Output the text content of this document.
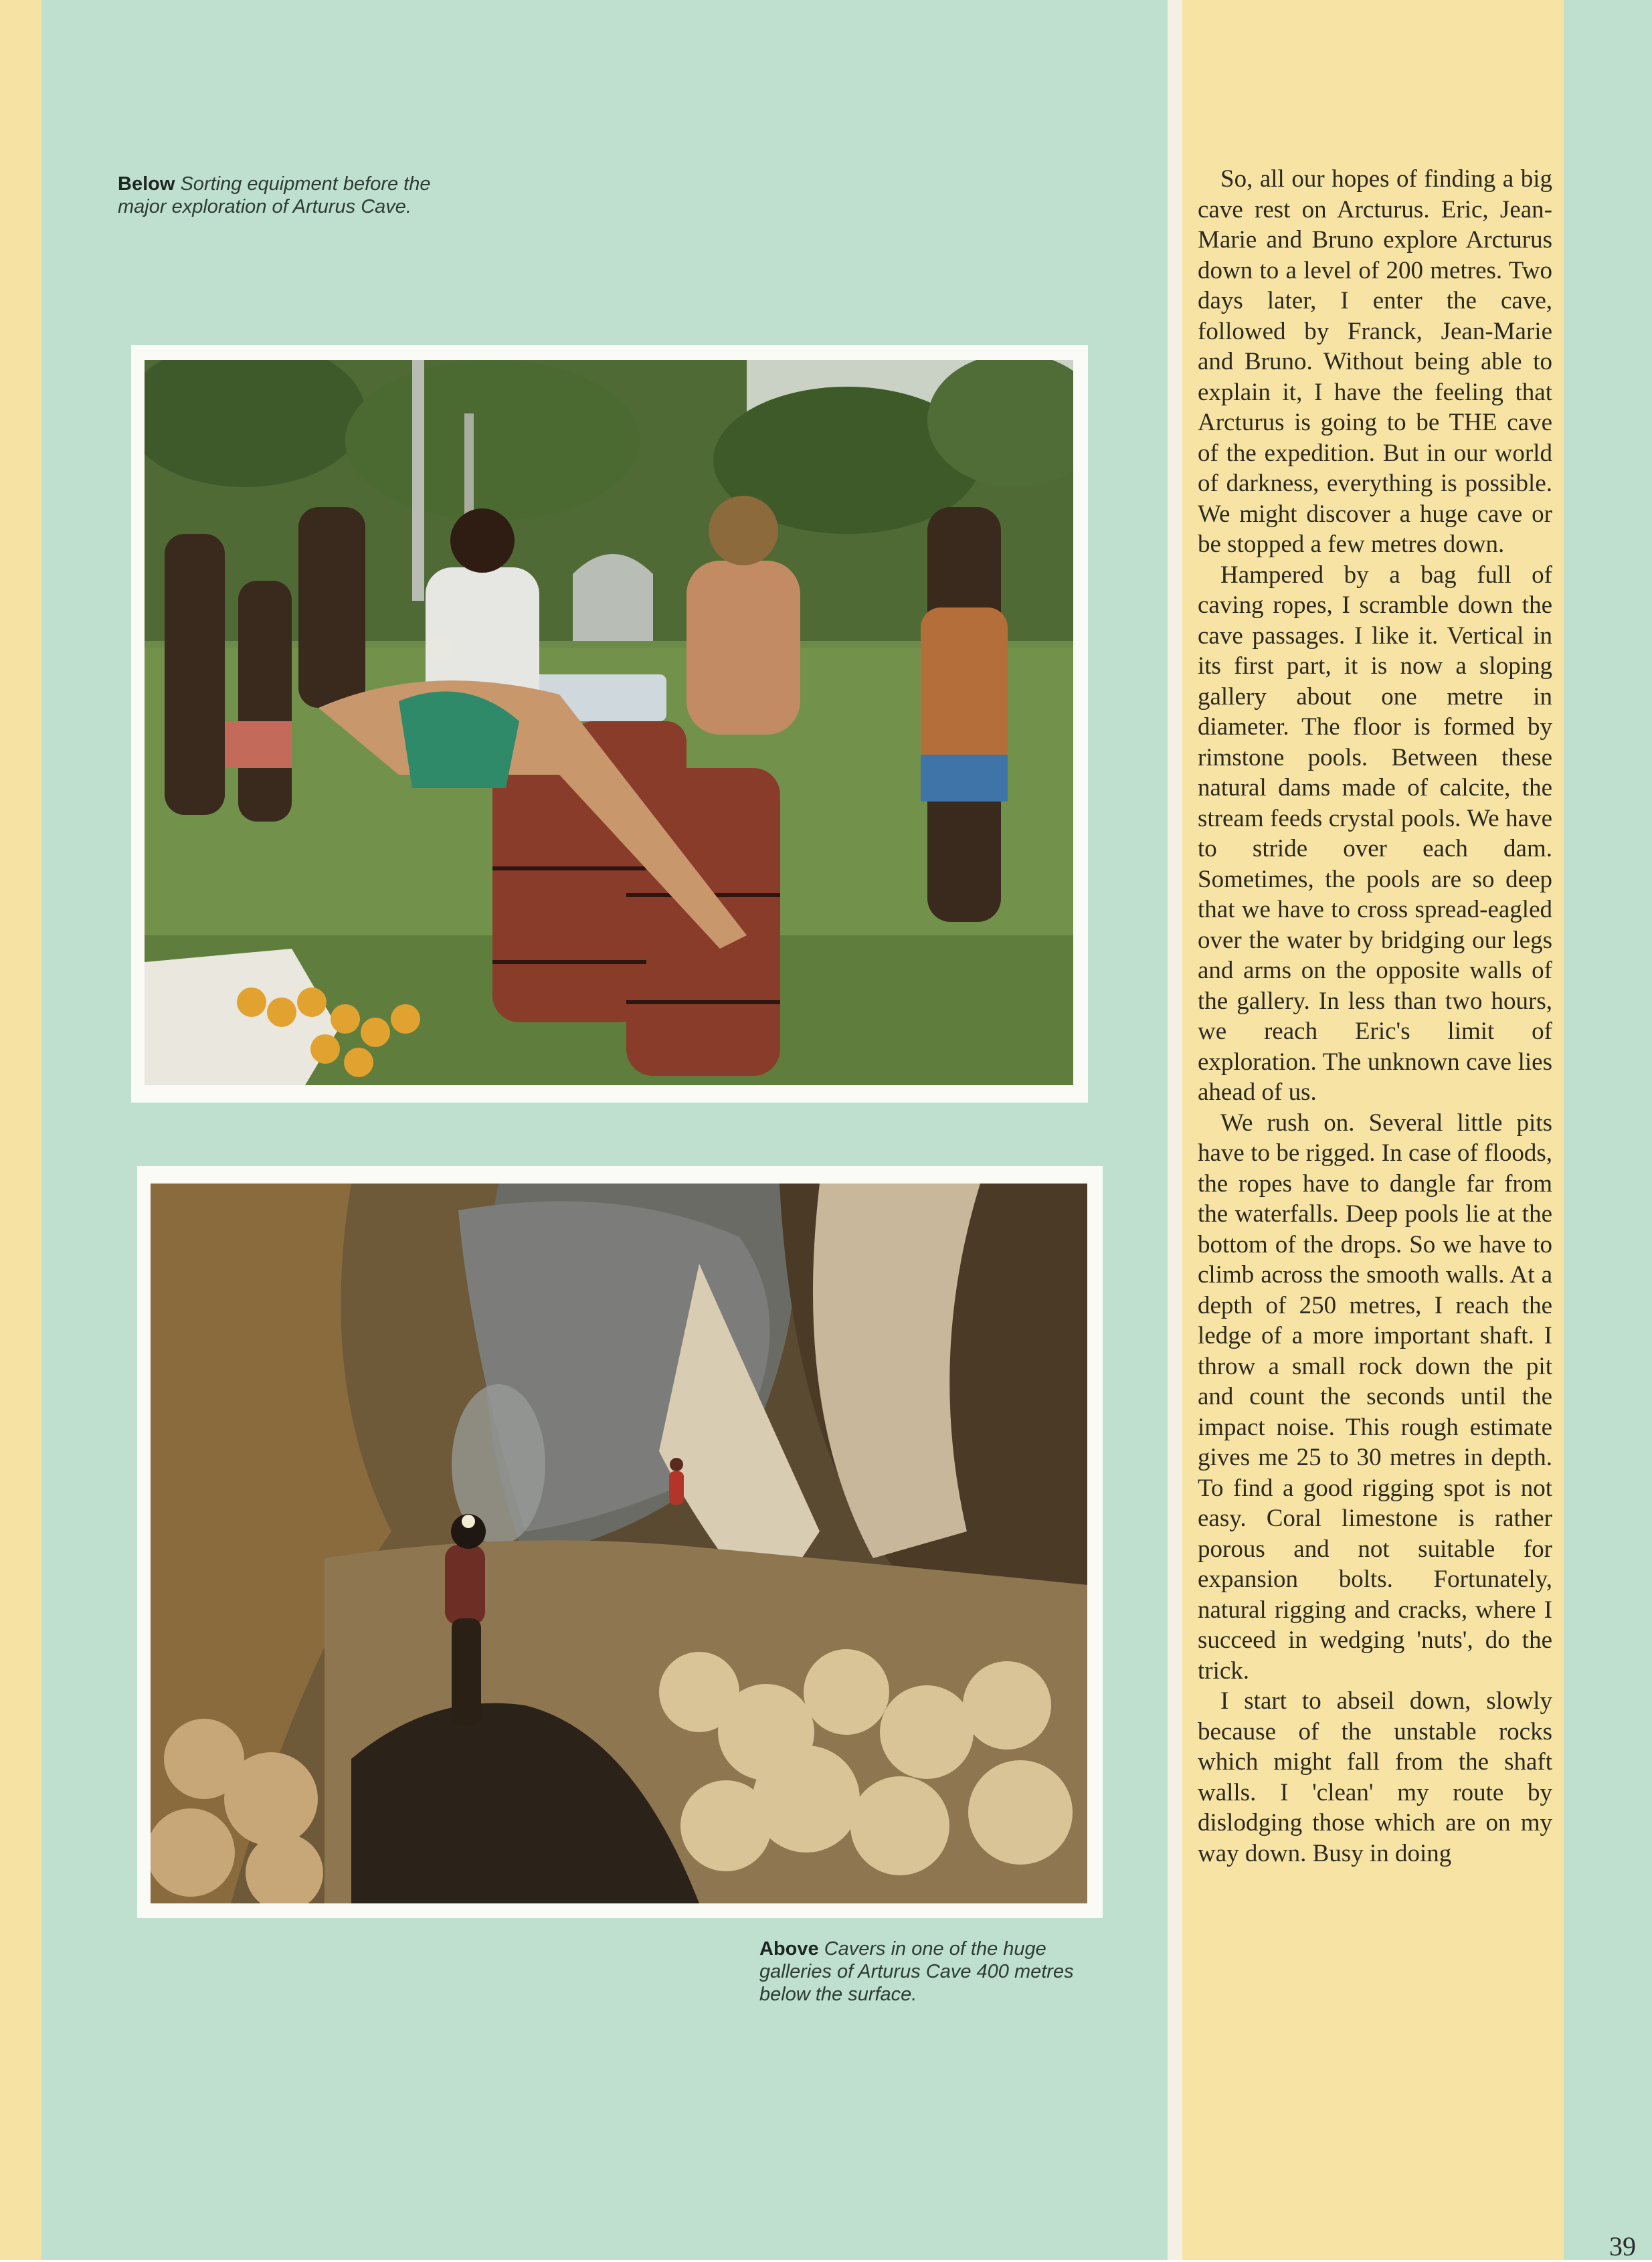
Below Sorting equipment before the major exploration of Arturus Cave.
Above Cavers in one of the huge galleries of Arturus Cave 400 metres below the surface.

So, all our hopes of finding a big cave rest on Arcturus. Eric, Jean-Marie and Bruno explore Arcturus down to a level of 200 metres. Two days later, I enter the cave, followed by Franck, Jean-Marie and Bruno. Without being able to explain it, I have the feeling that Arcturus is going to be THE cave of the expedition. But in our world of darkness, everything is possible. We might discover a huge cave or be stopped a few metres down.

Hampered by a bag full of caving ropes, I scramble down the cave passages. I like it. Vertical in its first part, it is now a sloping gallery about one metre in diameter. The floor is formed by rimstone pools. Between these natural dams made of calcite, the stream feeds crystal pools. We have to stride over each dam. Sometimes, the pools are so deep that we have to cross spread-eagled over the water by bridging our legs and arms on the opposite walls of the gallery. In less than two hours, we reach Eric's limit of exploration. The unknown cave lies ahead of us.

We rush on. Several little pits have to be rigged. In case of floods, the ropes have to dangle far from the waterfalls. Deep pools lie at the bottom of the drops. So we have to climb across the smooth walls. At a depth of 250 metres, I reach the ledge of a more important shaft. I throw a small rock down the pit and count the seconds until the impact noise. This rough estimate gives me 25 to 30 metres in depth. To find a good rigging spot is not easy. Coral limestone is rather porous and not suitable for expansion bolts. Fortunately, natural rigging and cracks, where I succeed in wedging 'nuts', do the trick.

I start to abseil down, slowly because of the unstable rocks which might fall from the shaft walls. I 'clean' my route by dislodging those which are on my way down. Busy in doing

39
